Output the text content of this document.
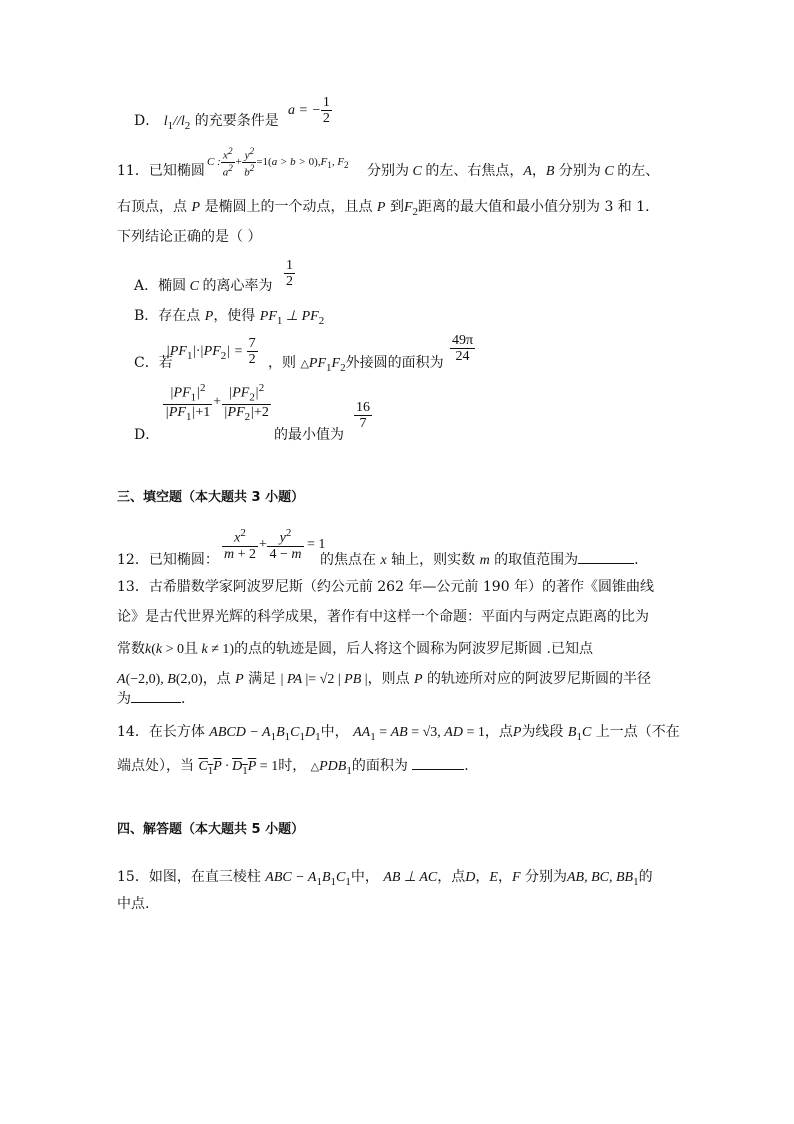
D． $l_1//l_2$ 的充要条件是
a = − $\frac{1}{2}$
11．已知椭圆
C : $\frac{x^2}{a^2} + \frac{y^2}{b^2} =1(a > b > 0),F_1$, $F_2$ 分别为 C 的左、右焦点，A，B 分别为 C 的左、
右顶点，点 P 是椭圆上的一个动点，且点 P 到$F_2$距离的最大值和最小值分别为 3 和 1.
下列结论正确的是（ ）
A．椭圆 C 的离心率为 $\frac{1}{2}$
B．存在点 P，使得 $PF_1$ ⊥ $PF_2$
C．若
$|PF_1|\cdot|PF_2| = \frac{7}{2}$ ，则 $\triangle PF_1F_2$外接圆的面积为 $\frac{49\pi}{24}$
D．
$\frac{|PF_1|^2}{|PF_1|+1} + \frac{|PF_2|^2}{|PF_2|+2}$
的最小值为
$\frac{16}{7}$
三、填空题（本大题共 3 小题）
12．已知椭圆： $\frac{x^2}{m + 2} + \frac{y^2}{4 - m} = 1$
的焦点在 x 轴上，则实数 m 的取值范围为	.
13．古希腊数学家阿波罗尼斯（约公元前 262 年—公元前 190 年）的著作《圆锥曲线
论》是古代世界光辉的科学成果，著作有中这样一个命题：平面内与两定点距离的比为
常数k(k > 0且 k ≠ 1)的点的轨迹是圆，后人将这个圆称为阿波罗尼斯圆 .已知点
A(−2,0), B(2,0)，点 P 满足 | PA |= √2 | PB |，则点 P 的轨迹所对应的阿波罗尼斯圆的半径
为	.
14．在长方体 ABCD − $A_1B_1C_1D_1$中， $AA_1$ = AB = √3, AD = 1，点P为线段 $B_1C$ 上一点（不在
端点处），当 $C_1P \cdot D_1P = 1$时， $\triangle PDB_1$的面积为	.
四、解答题（本大题共 5 小题）
15．如图，在直三棱柱 ABC − $A_1B_1C_1$中， AB ⊥ AC，点D，E，F 分别为AB, BC, $BB_1$的
中点.
